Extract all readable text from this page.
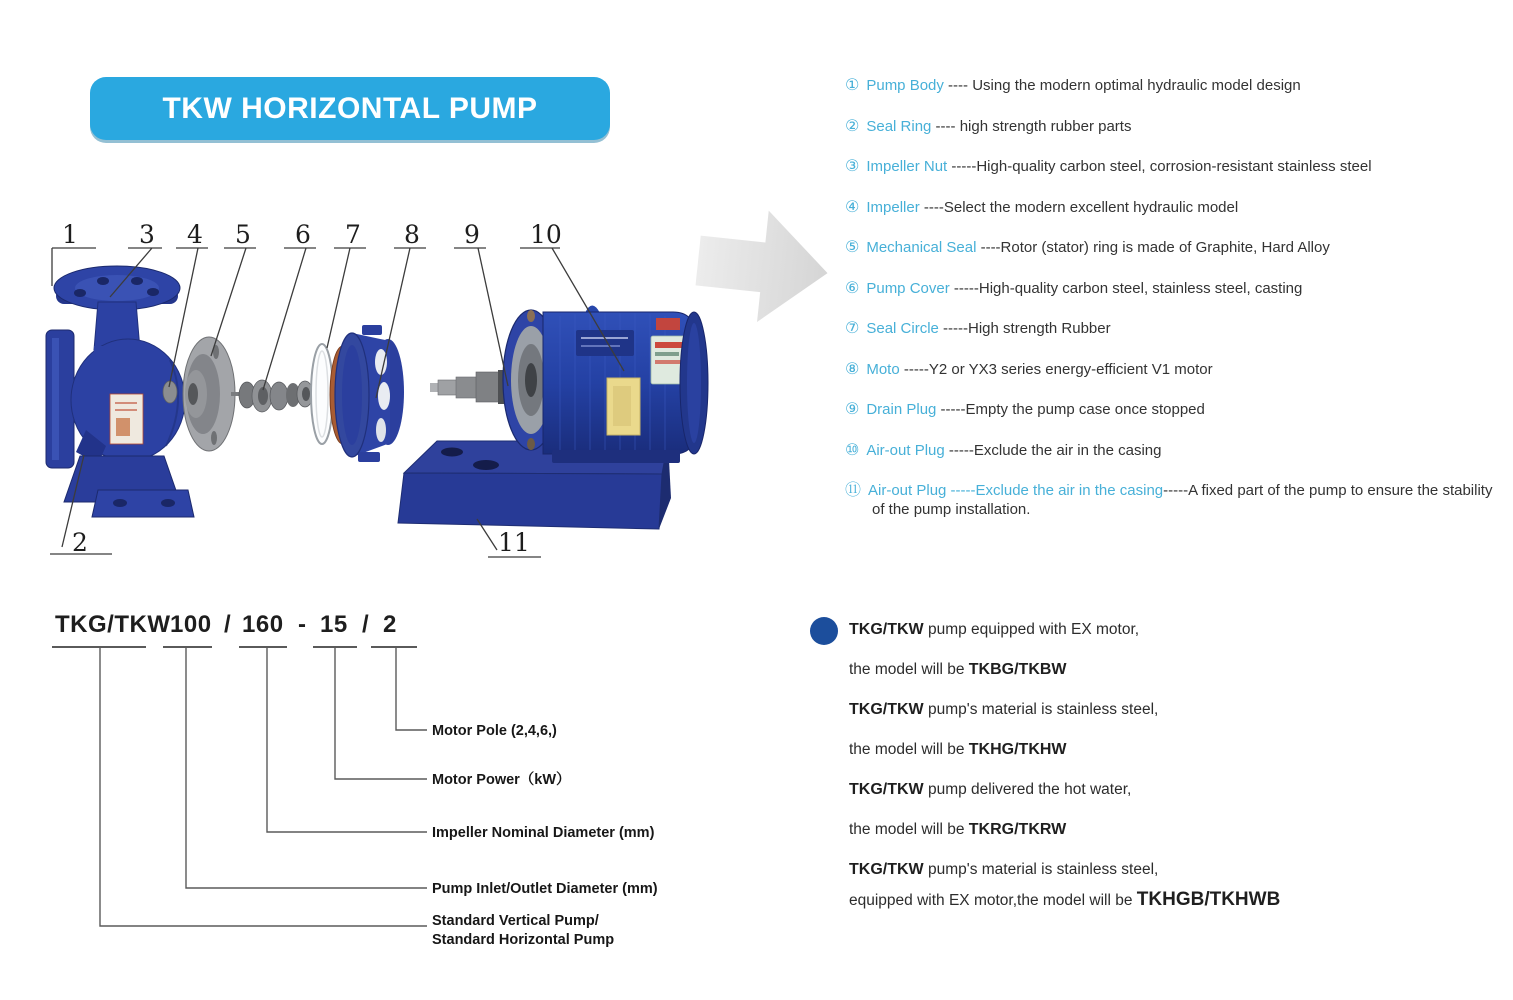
TKW HORIZONTAL PUMP
1 3 4 5 6 7 8 9 10
2	11
TKG/TKW 100 / 160 - 15 / 2
Motor Pole (2,4,6,)
Motor Power（kW）
Impeller Nominal Diameter (mm)
Pump Inlet/Outlet Diameter (mm)
Standard Vertical Pump/
Standard Horizontal Pump
① Pump Body ---- Using the modern optimal hydraulic model design
② Seal Ring ---- high strength rubber parts
③ Impeller Nut -----High-quality carbon steel, corrosion-resistant stainless steel
④ Impeller ----Select the modern excellent hydraulic model
⑤ Mechanical Seal ----Rotor (stator) ring is made of Graphite, Hard Alloy
⑥ Pump Cover -----High-quality carbon steel, stainless steel, casting
⑦ Seal Circle -----High strength Rubber
⑧ Moto -----Y2 or YX3 series energy-efficient V1 motor
⑨ Drain Plug -----Empty the pump case once stopped
⑩ Air-out Plug -----Exclude the air in the casing
⑪ Air-out Plug -----Exclude the air in the casing-----A fixed part of the pump to ensure the stability of the pump installation.

TKG/TKW pump equipped with EX motor,

the model will be TKBG/TKBW

TKG/TKW pump's material is stainless steel,

the model will be TKHG/TKHW

TKG/TKW pump delivered the hot water,

the model will be TKRG/TKRW

TKG/TKW pump's material is stainless steel,

equipped with EX motor,the model will be TKHGB/TKHWB
